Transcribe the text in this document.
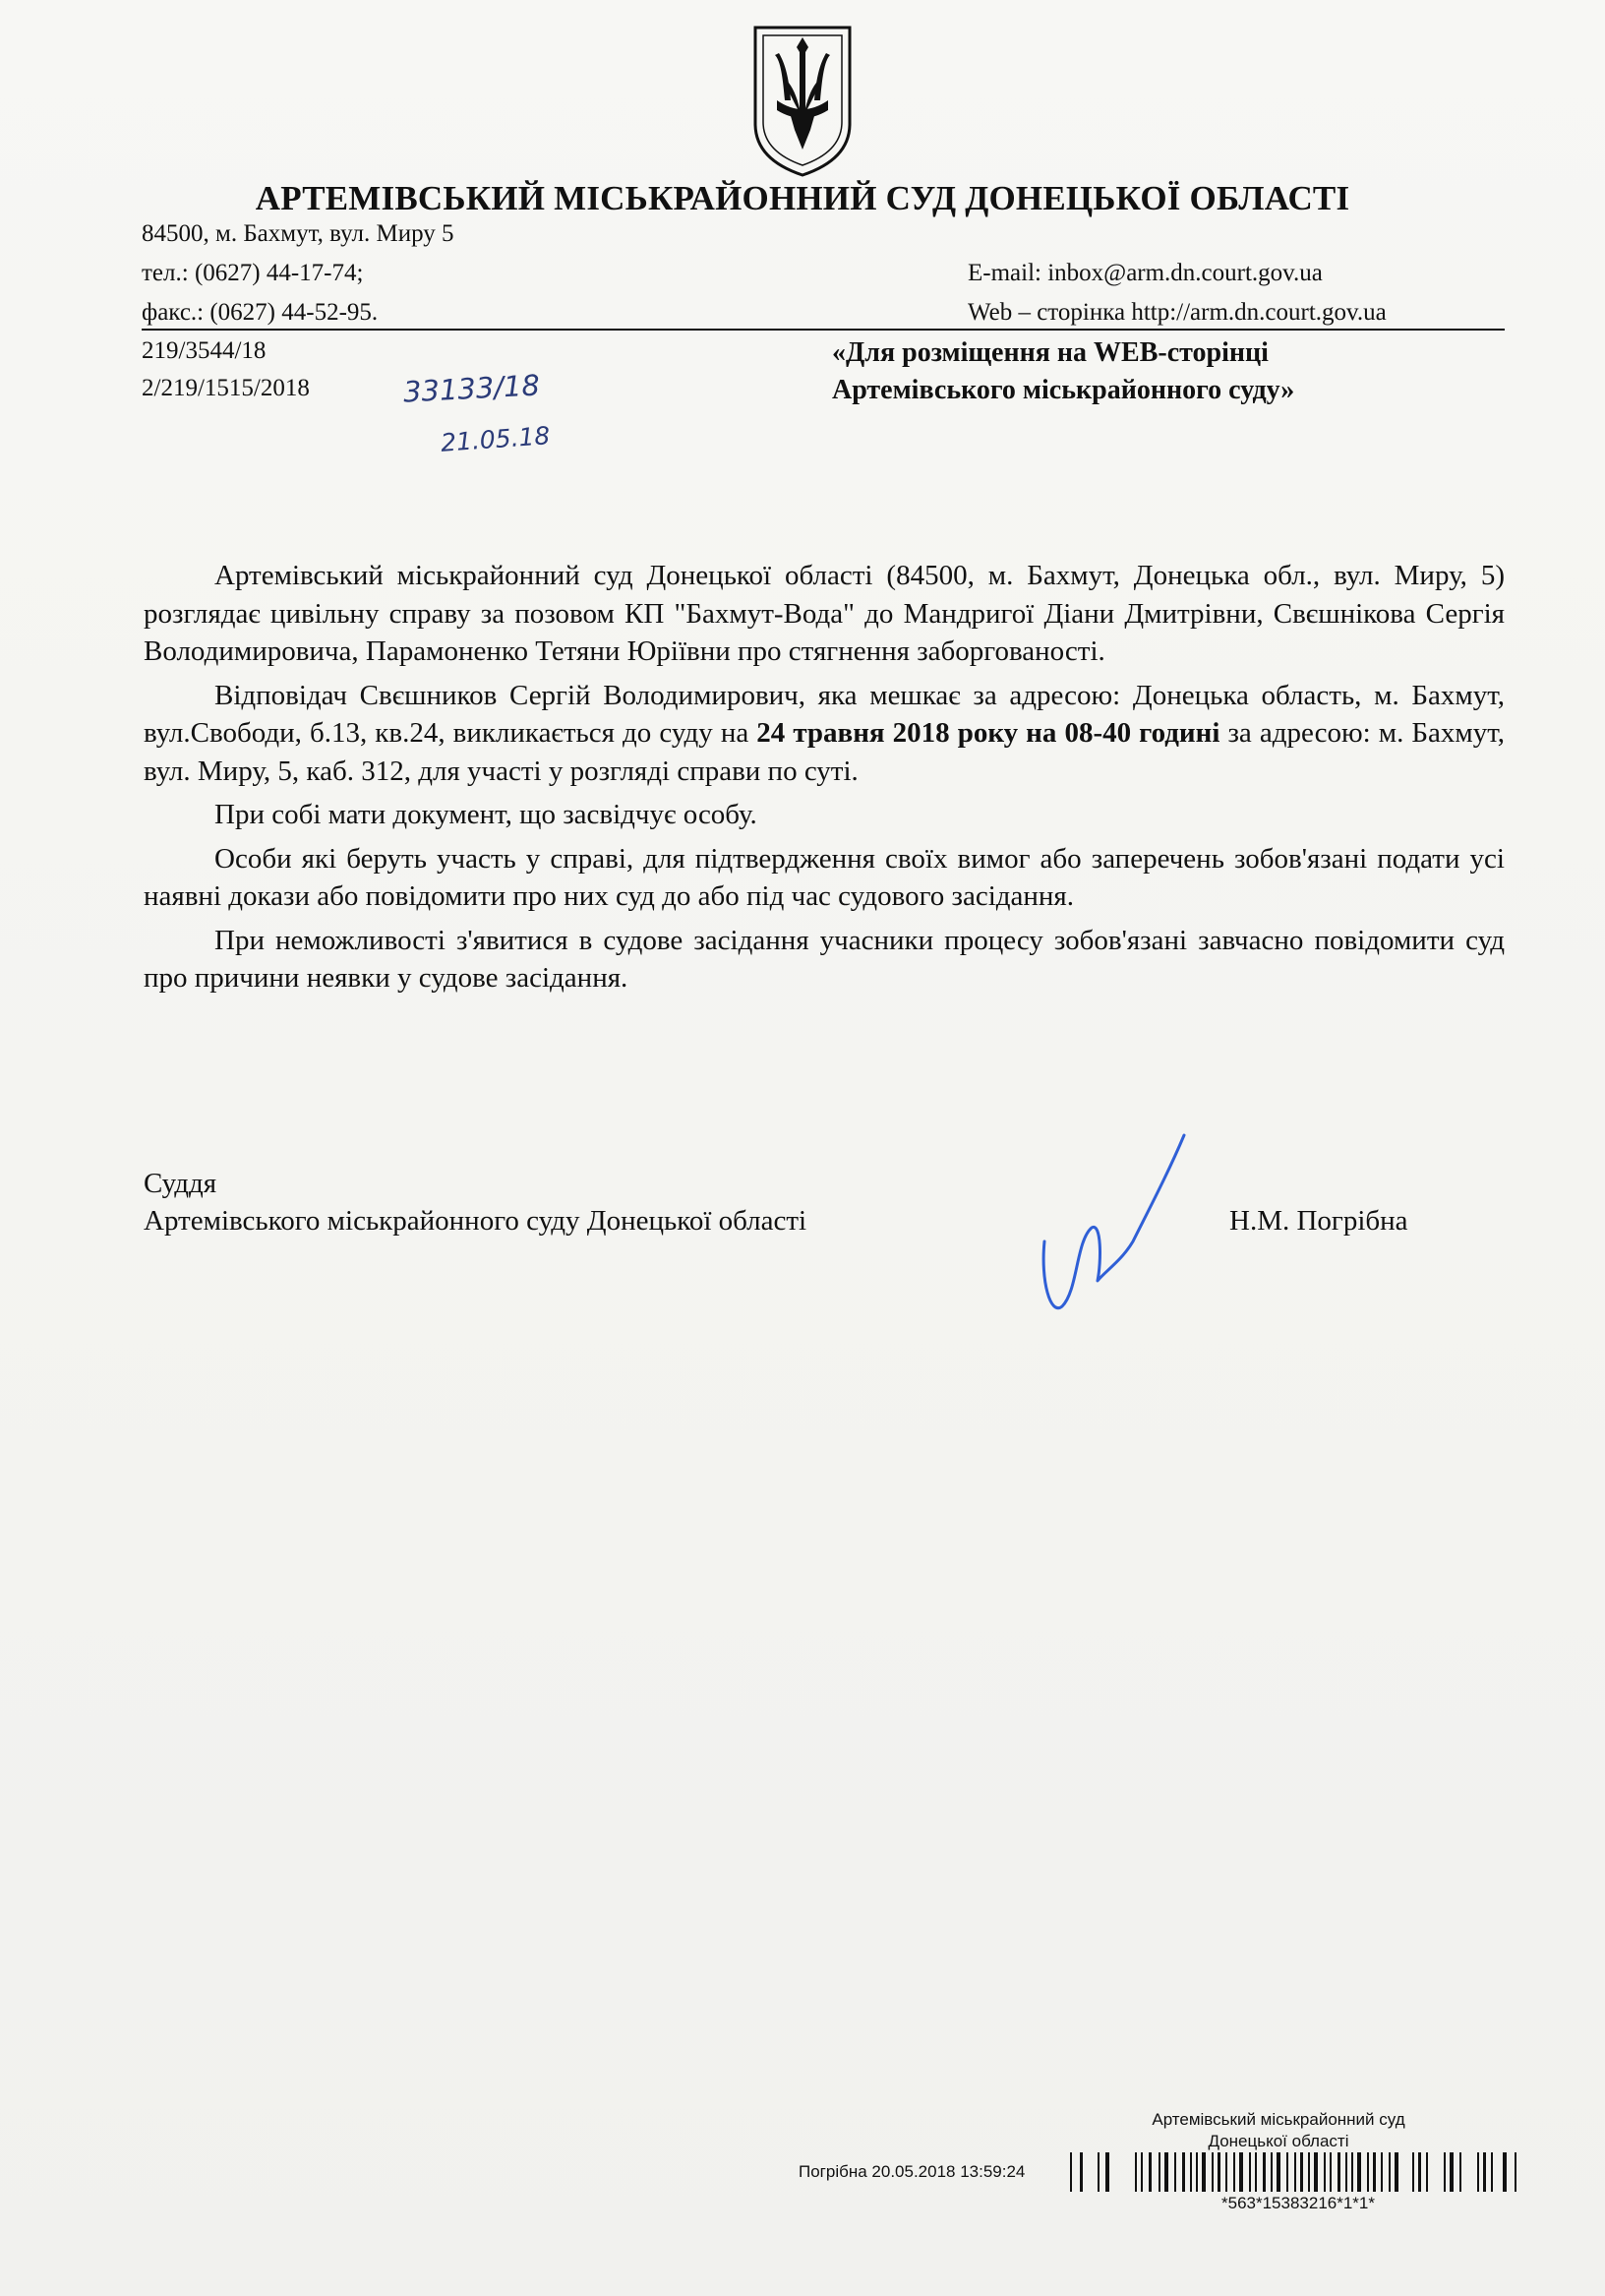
АРТЕМІВСЬКИЙ МІСЬКРАЙОННИЙ СУД ДОНЕЦЬКОЇ ОБЛАСТІ
84500, м. Бахмут, вул. Миру 5
тел.: (0627) 44-17-74;
факс.: (0627) 44-52-95.
E-mail: inbox@arm.dn.court.gov.ua
Web – сторінка http://arm.dn.court.gov.ua
219/3544/18
2/219/1515/2018	33133/18
21.05.18
«Для розміщення на WEB-сторінці
Артемівського міськрайонного суду»

Артемівський міськрайонний суд Донецької області (84500, м. Бахмут, Донецька обл., вул. Миру, 5) розглядає цивільну справу за позовом КП "Бахмут-Вода" до Мандригої Діани Дмитрівни, Свєшнікова Сергія Володимировича, Парамоненко Тетяни Юріївни про стягнення заборгованості.

Відповідач Свєшников Сергій Володимирович, яка мешкає за адресою: Донецька область, м. Бахмут, вул.Свободи, б.13, кв.24, викликається до суду на 24 травня 2018 року на 08-40 годині за адресою: м. Бахмут, вул. Миру, 5, каб. 312, для участі у розгляді справи по суті.

При собі мати документ, що засвідчує особу.

Особи які беруть участь у справі, для підтвердження своїх вимог або заперечень зобов'язані подати усі наявні докази або повідомити про них суд до або під час судового засідання.

При неможливості з'явитися в судове засідання учасники процесу зобов'язані завчасно повідомити суд про причини неявки у судове засідання.

Суддя
Артемівського міськрайонного суду Донецької області	Н.М. Погрібна
Артемівський міськрайонний суд
Донецької області
Погрібна 20.05.2018 13:59:24
*563*15383216*1*1*
